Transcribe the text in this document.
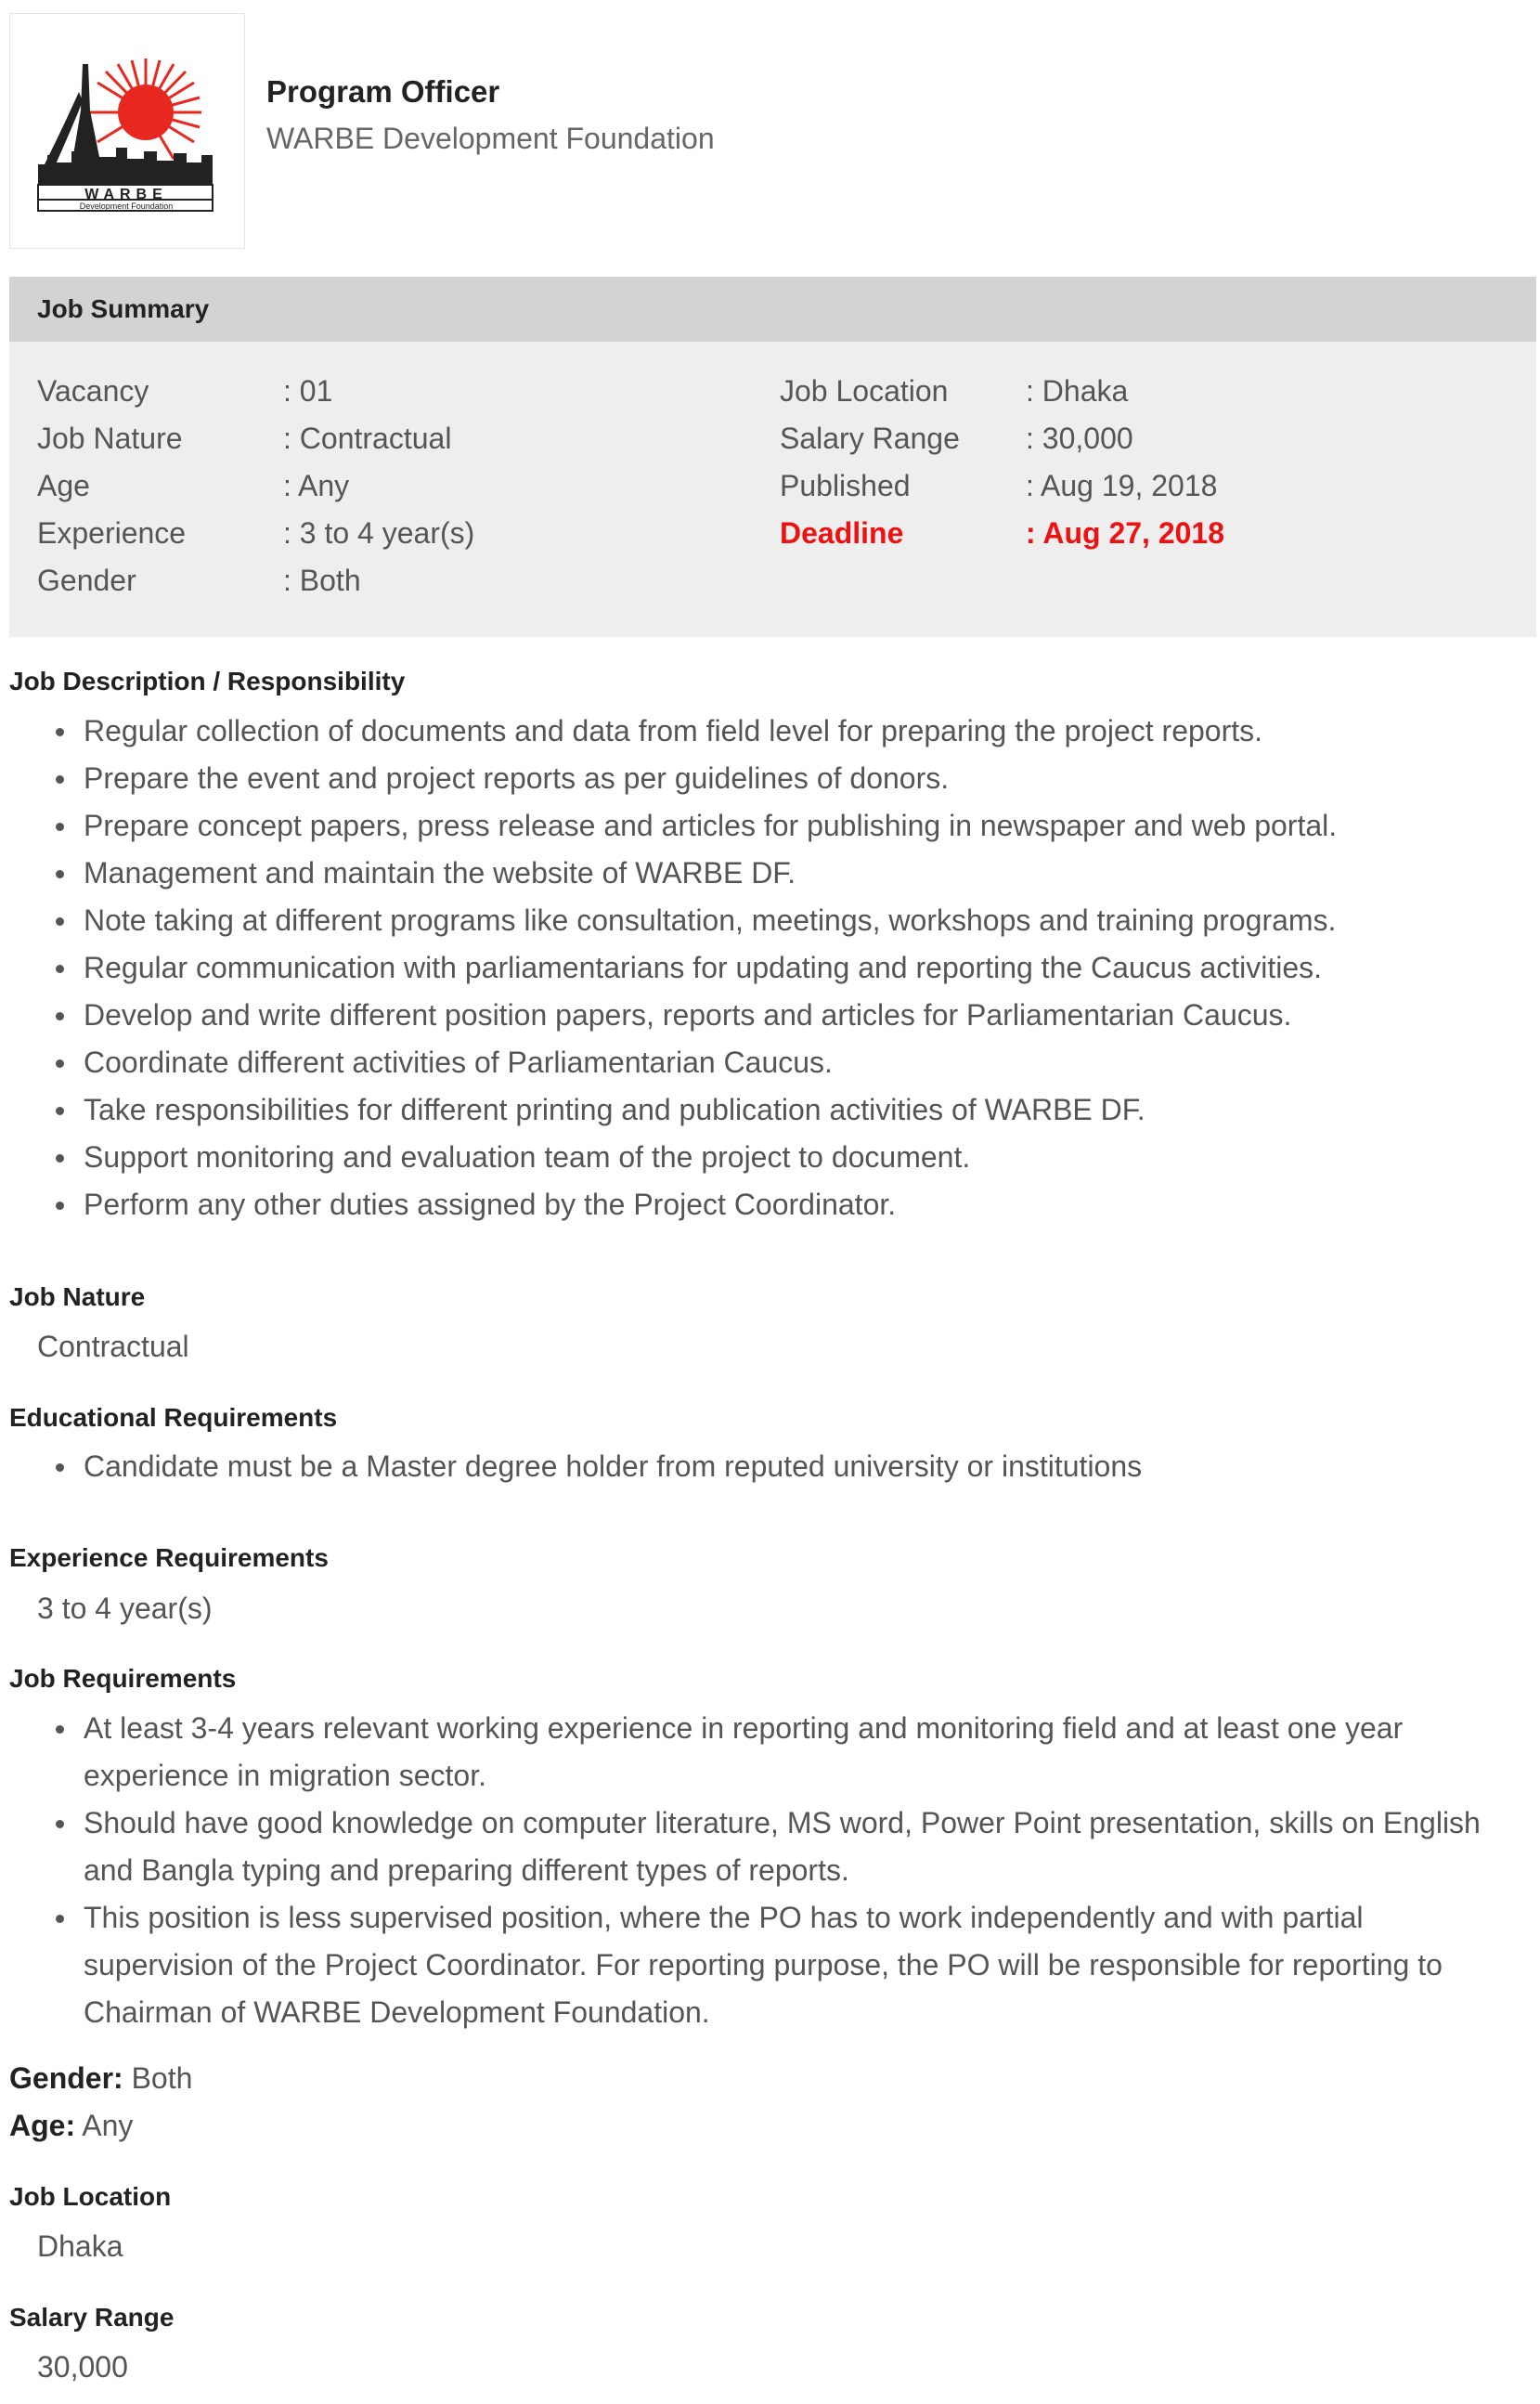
WARBE
Development Foundation
Program Officer
WARBE Development Foundation
Job Summary
Vacancy	: 01
Job Nature	: Contractual
Age	: Any
Experience	: 3 to 4 year(s)
Gender	: Both
Job Location	: Dhaka
Salary Range : 30,000
Published	: Aug 19, 2018
Deadline	: Aug 27, 2018
Job Description / Responsibility
Regular collection of documents and data from field level for preparing the project reports.
Prepare the event and project reports as per guidelines of donors.
Prepare concept papers, press release and articles for publishing in newspaper and web portal.
Management and maintain the website of WARBE DF.
Note taking at different programs like consultation, meetings, workshops and training programs.
Regular communication with parliamentarians for updating and reporting the Caucus activities.
Develop and write different position papers, reports and articles for Parliamentarian Caucus.
Coordinate different activities of Parliamentarian Caucus.
Take responsibilities for different printing and publication activities of WARBE DF.
Support monitoring and evaluation team of the project to document.
Perform any other duties assigned by the Project Coordinator.
Job Nature
Contractual
Educational Requirements
Candidate must be a Master degree holder from reputed university or institutions
Experience Requirements
3 to 4 year(s)
Job Requirements
At least 3-4 years relevant working experience in reporting and monitoring field and at least one year experience in migration sector.
Should have good knowledge on computer literature, MS word, Power Point presentation, skills on English and Bangla typing and preparing different types of reports.
This position is less supervised position, where the PO has to work independently and with partial supervision of the Project Coordinator. For reporting purpose, the PO will be responsible for reporting to Chairman of WARBE Development Foundation.
Gender: Both
Age: Any
Job Location
Dhaka
Salary Range
30,000
